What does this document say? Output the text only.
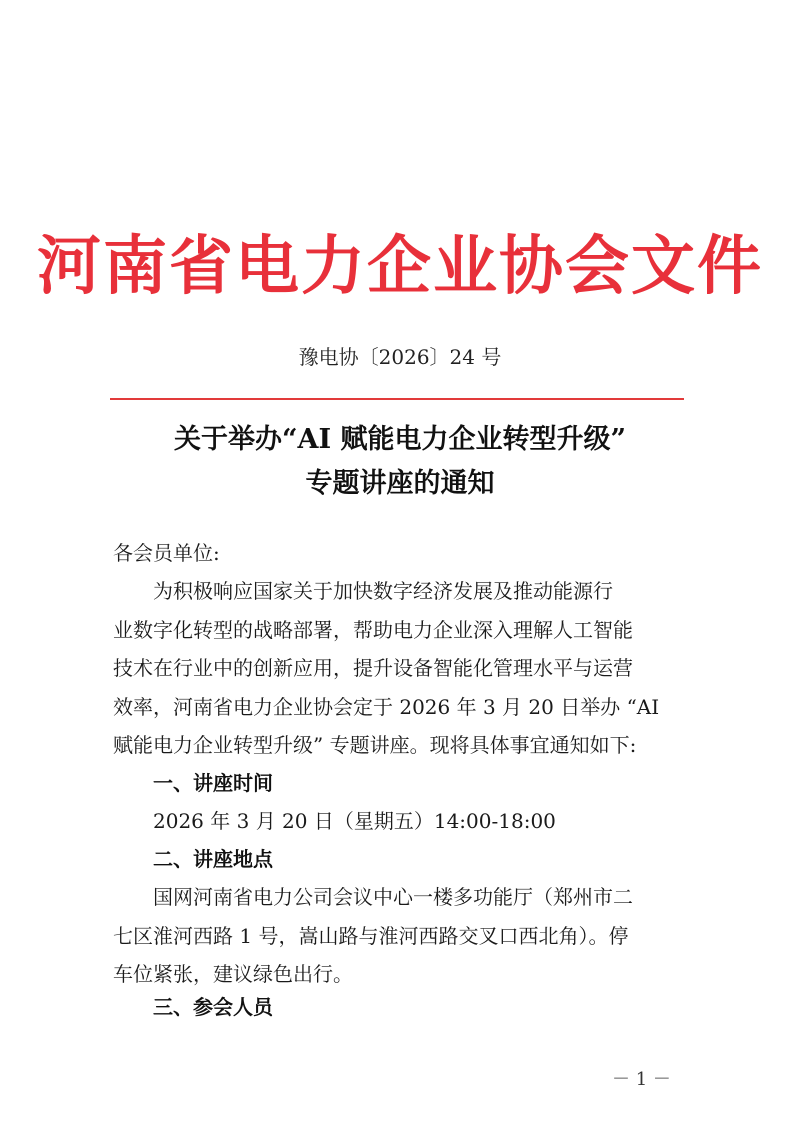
河南省电力企业协会文件
豫电协〔2026〕24 号
关于举办“AI 赋能电力企业转型升级”
专题讲座的通知
各会员单位:
为积极响应国家关于加快数字经济发展及推动能源行
业数字化转型的战略部署，帮助电力企业深入理解人工智能
技术在行业中的创新应用，提升设备智能化管理水平与运营
效率，河南省电力企业协会定于 2026 年 3 月 20 日举办 “AI
赋能电力企业转型升级” 专题讲座。现将具体事宜通知如下:
一、讲座时间
2026 年 3 月 20 日（星期五）14:00-18:00
二、讲座地点
国网河南省电力公司会议中心一楼多功能厅（郑州市二
七区淮河西路 1 号，嵩山路与淮河西路交叉口西北角）。停
车位紧张，建议绿色出行。
三、参会人员
－ 1 －
